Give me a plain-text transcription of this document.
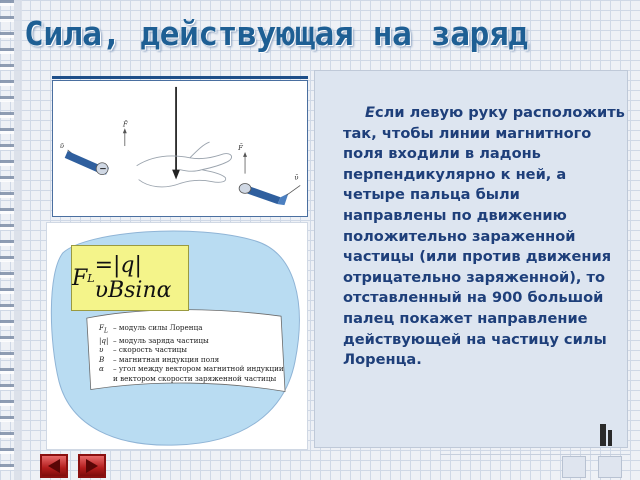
Сила, действующая на заряд
ῡ
−
F̄
F̄
ῡ
F L =|q|υBsinα
$F_L$ – модуль силы Лоренца
|q| – модуль заряда частицы
υ	– скорость частицы
B	– магнитная индукция поля
α	– угол между вектором магнитной индукции
и вектором скорости заряженной частицы
Если левую руку расположить так, чтобы линии магнитного поля входили в ладонь перпендикулярно к ней, а четыре пальца были направлены по движению положительно зараженной частицы (или против движения отрицательно заряженной), то отставленный на 900 большой палец покажет направление действующей на частицу силы Лоренца.
